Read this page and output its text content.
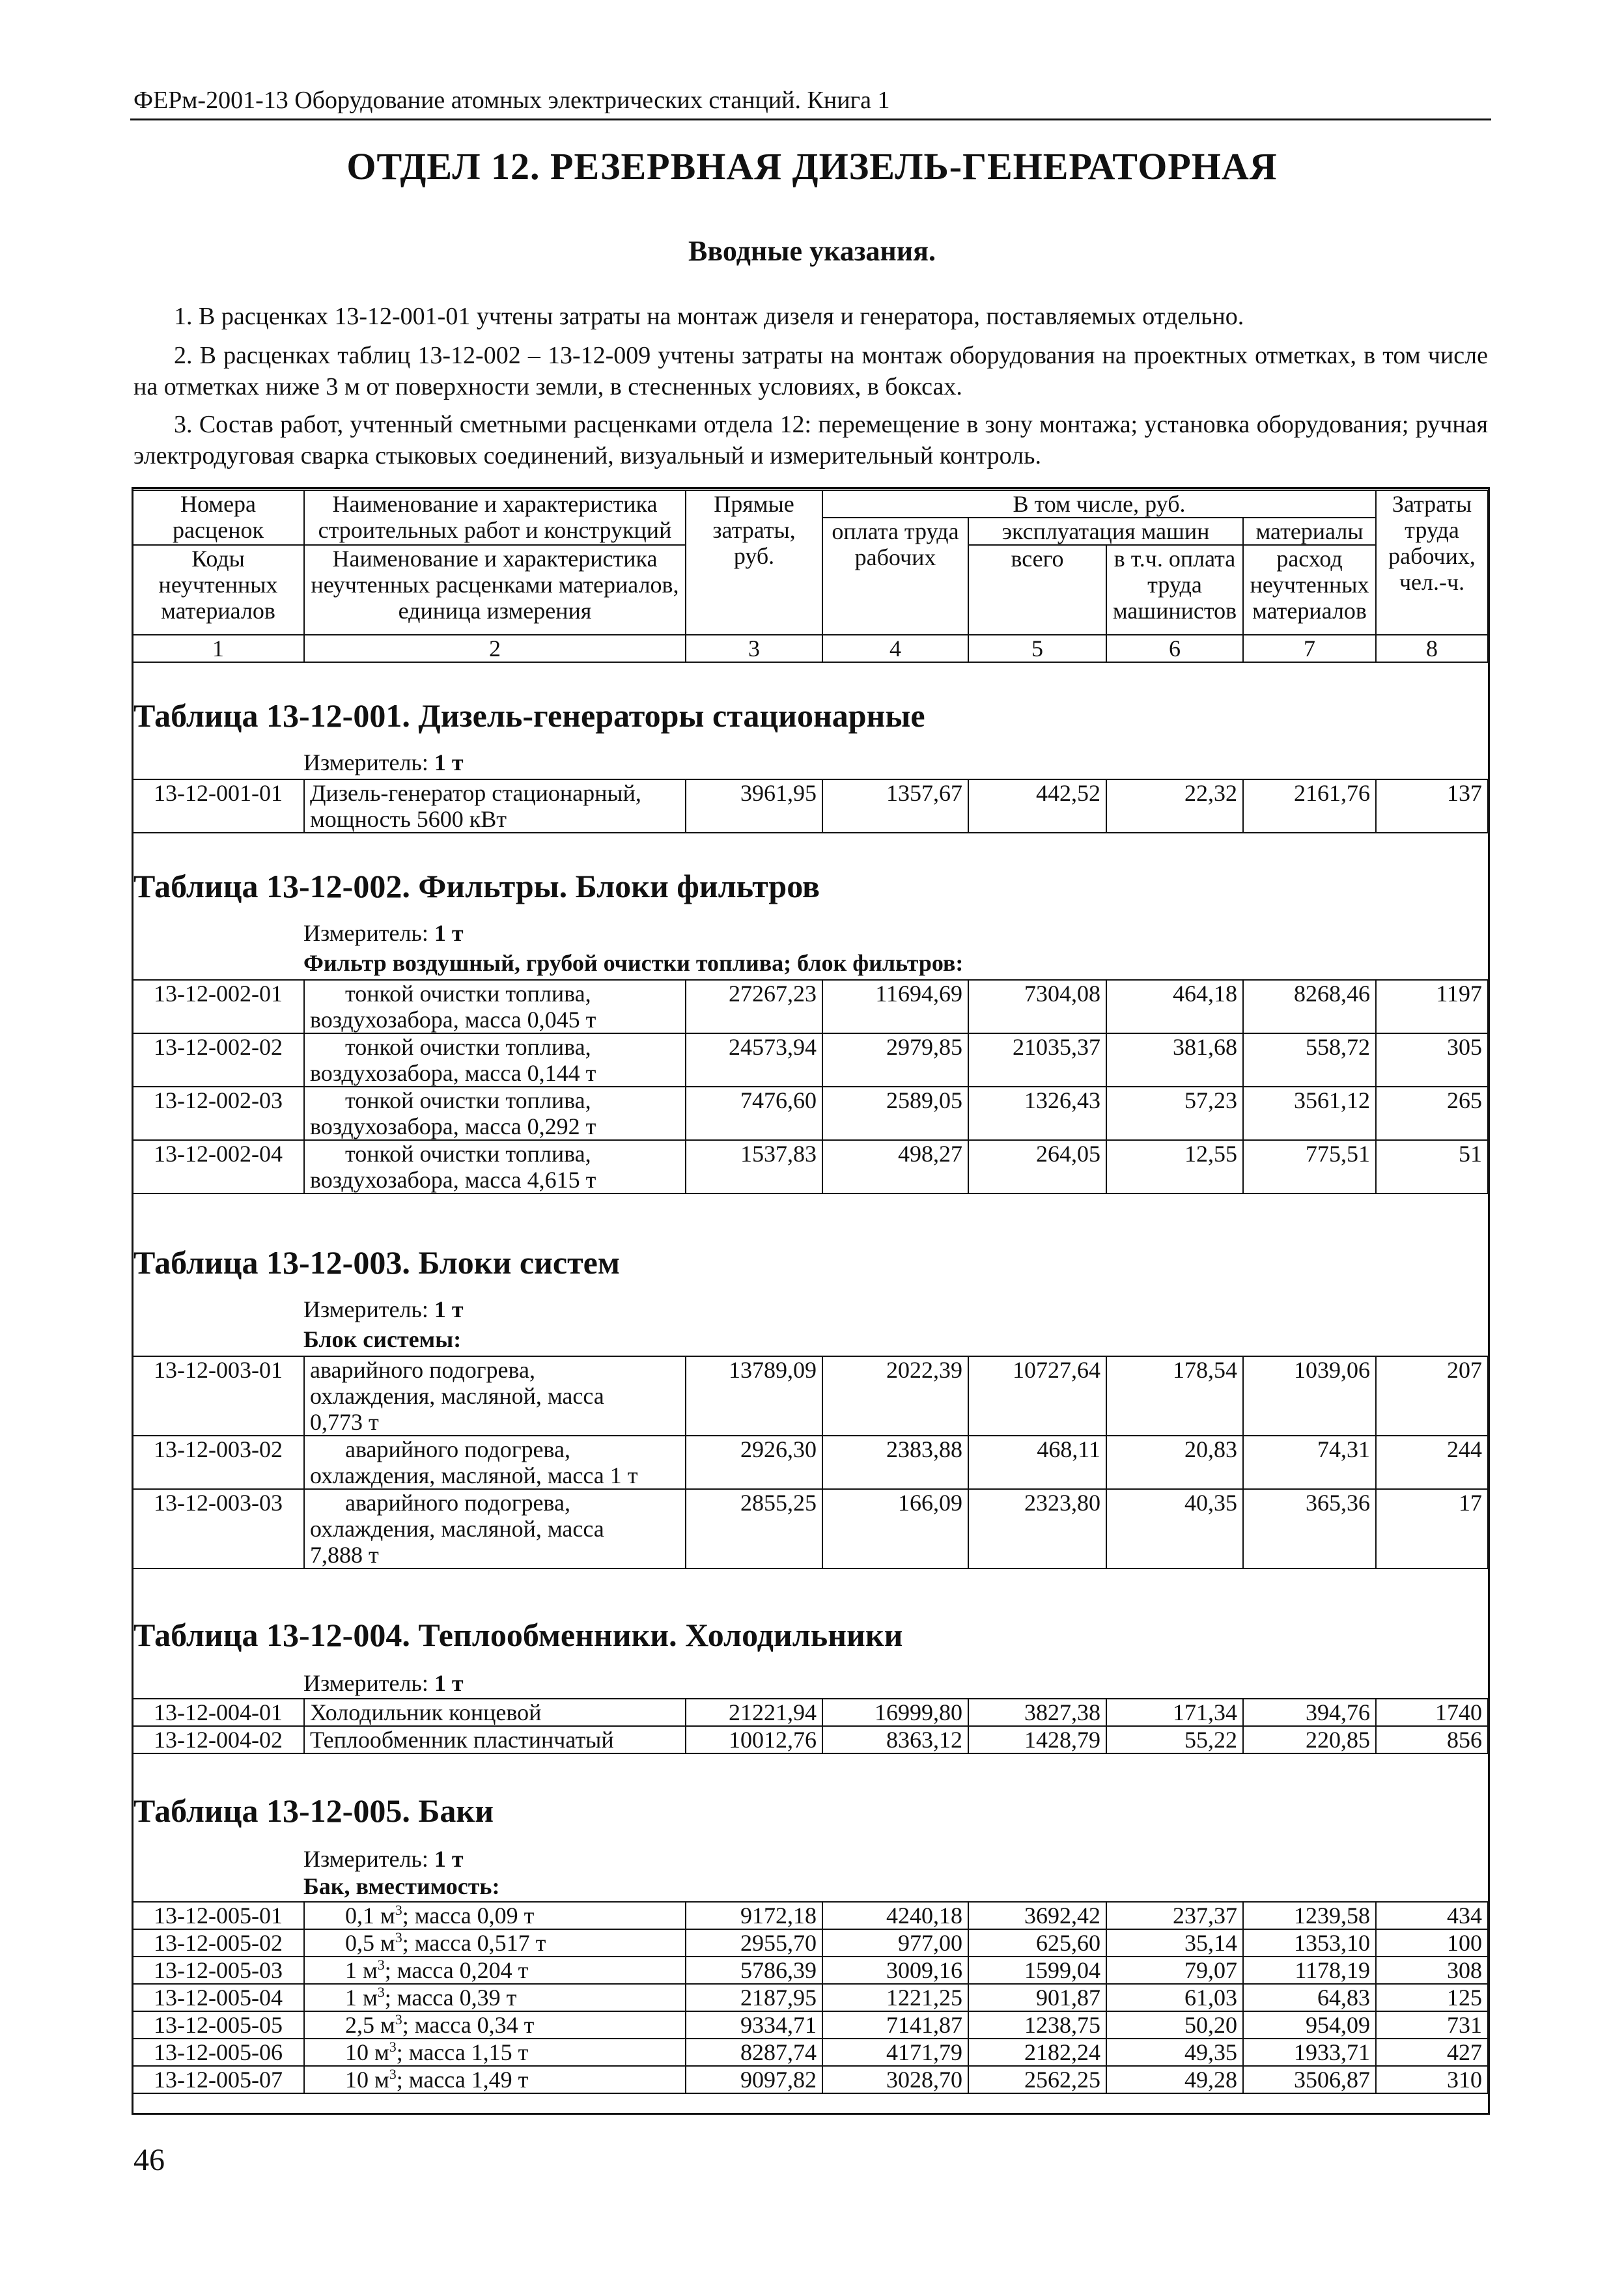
ФЕРм-2001-13 Оборудование атомных электрических станций. Книга 1
ОТДЕЛ 12. РЕЗЕРВНАЯ ДИЗЕЛЬ-ГЕНЕРАТОРНАЯ
Вводные указания.

1. В расценках 13-12-001-01 учтены затраты на монтаж дизеля и генератора, поставляемых отдельно.

2. В расценках таблиц 13-12-002 – 13-12-009 учтены затраты на монтаж оборудования на проектных отметках, в том числе на отметках ниже 3 м от поверхности земли, в стесненных условиях, в боксах.

3. Состав работ, учтенный сметными расценками отдела 12: перемещение в зону монтажа; установка оборудования; ручная электродуговая сварка стыковых соединений, визуальный и измерительный контроль.

Номера расценок	Наименование и характеристика строительных работ и конструкций	Прямые затраты, руб.	В том числе, руб.				Затраты труда рабочих, чел.-ч.
			оплата труда рабочих	эксплуатация машин		материалы	
Коды неучтенных материалов	Наименование и характеристика неучтенных расценками материалов, единица измерения			всего	в т.ч. оплата труда машинистов	расход неучтенных материалов	

1	2	3	4	5	6	7	8
Таблица 13-12-001. Дизель-генераторы стационарные
Измеритель: 1 т
13-12-001-01	Дизель-генератор стационарный,
мощность 5600 кВт	3961,95	1357,67	442,52	22,32	2161,76	137
Таблица 13-12-002. Фильтры. Блоки фильтров
Измеритель: 1 т
Фильтр воздушный, грубой очистки топлива; блок фильтров:
13-12-002-01	тонкой очистки топлива,
воздухозабора, масса 0,045 т	27267,23	11694,69	7304,08	464,18	8268,46	1197
13-12-002-02	тонкой очистки топлива,
воздухозабора, масса 0,144 т	24573,94	2979,85	21035,37	381,68	558,72	305
13-12-002-03	тонкой очистки топлива,
воздухозабора, масса 0,292 т	7476,60	2589,05	1326,43	57,23	3561,12	265
13-12-002-04	тонкой очистки топлива,
воздухозабора, масса 4,615 т	1537,83	498,27	264,05	12,55	775,51	51
Таблица 13-12-003. Блоки систем
Измеритель: 1 т
Блок системы:
13-12-003-01	аварийного подогрева,
охлаждения, масляной, масса
0,773 т	13789,09	2022,39	10727,64	178,54	1039,06	207
13-12-003-02	аварийного подогрева,
охлаждения, масляной, масса 1 т	2926,30	2383,88	468,11	20,83	74,31	244
13-12-003-03	аварийного подогрева,
охлаждения, масляной, масса
7,888 т	2855,25	166,09	2323,80	40,35	365,36	17
Таблица 13-12-004. Теплообменники. Холодильники
Измеритель: 1 т
13-12-004-01	Холодильник концевой	21221,94	16999,80	3827,38	171,34	394,76	1740
13-12-004-02	Теплообменник пластинчатый	10012,76	8363,12	1428,79	55,22	220,85	856
Таблица 13-12-005. Баки
Измеритель: 1 т
Бак, вместимость:
13-12-005-01	0,1 $м^3$; масса 0,09 т	9172,18	4240,18	3692,42	237,37	1239,58	434
13-12-005-02	0,5 $м^3$; масса 0,517 т	2955,70	977,00	625,60	35,14	1353,10	100
13-12-005-03	1 $м^3$; масса 0,204 т	5786,39	3009,16	1599,04	79,07	1178,19	308
13-12-005-04	1 $м^3$; масса 0,39 т	2187,95	1221,25	901,87	61,03	64,83	125
13-12-005-05	2,5 $м^3$; масса 0,34 т	9334,71	7141,87	1238,75	50,20	954,09	731
13-12-005-06	10 $м^3$; масса 1,15 т	8287,74	4171,79	2182,24	49,35	1933,71	427
13-12-005-07	10 $м^3$; масса 1,49 т	9097,82	3028,70	2562,25	49,28	3506,87	310
46
